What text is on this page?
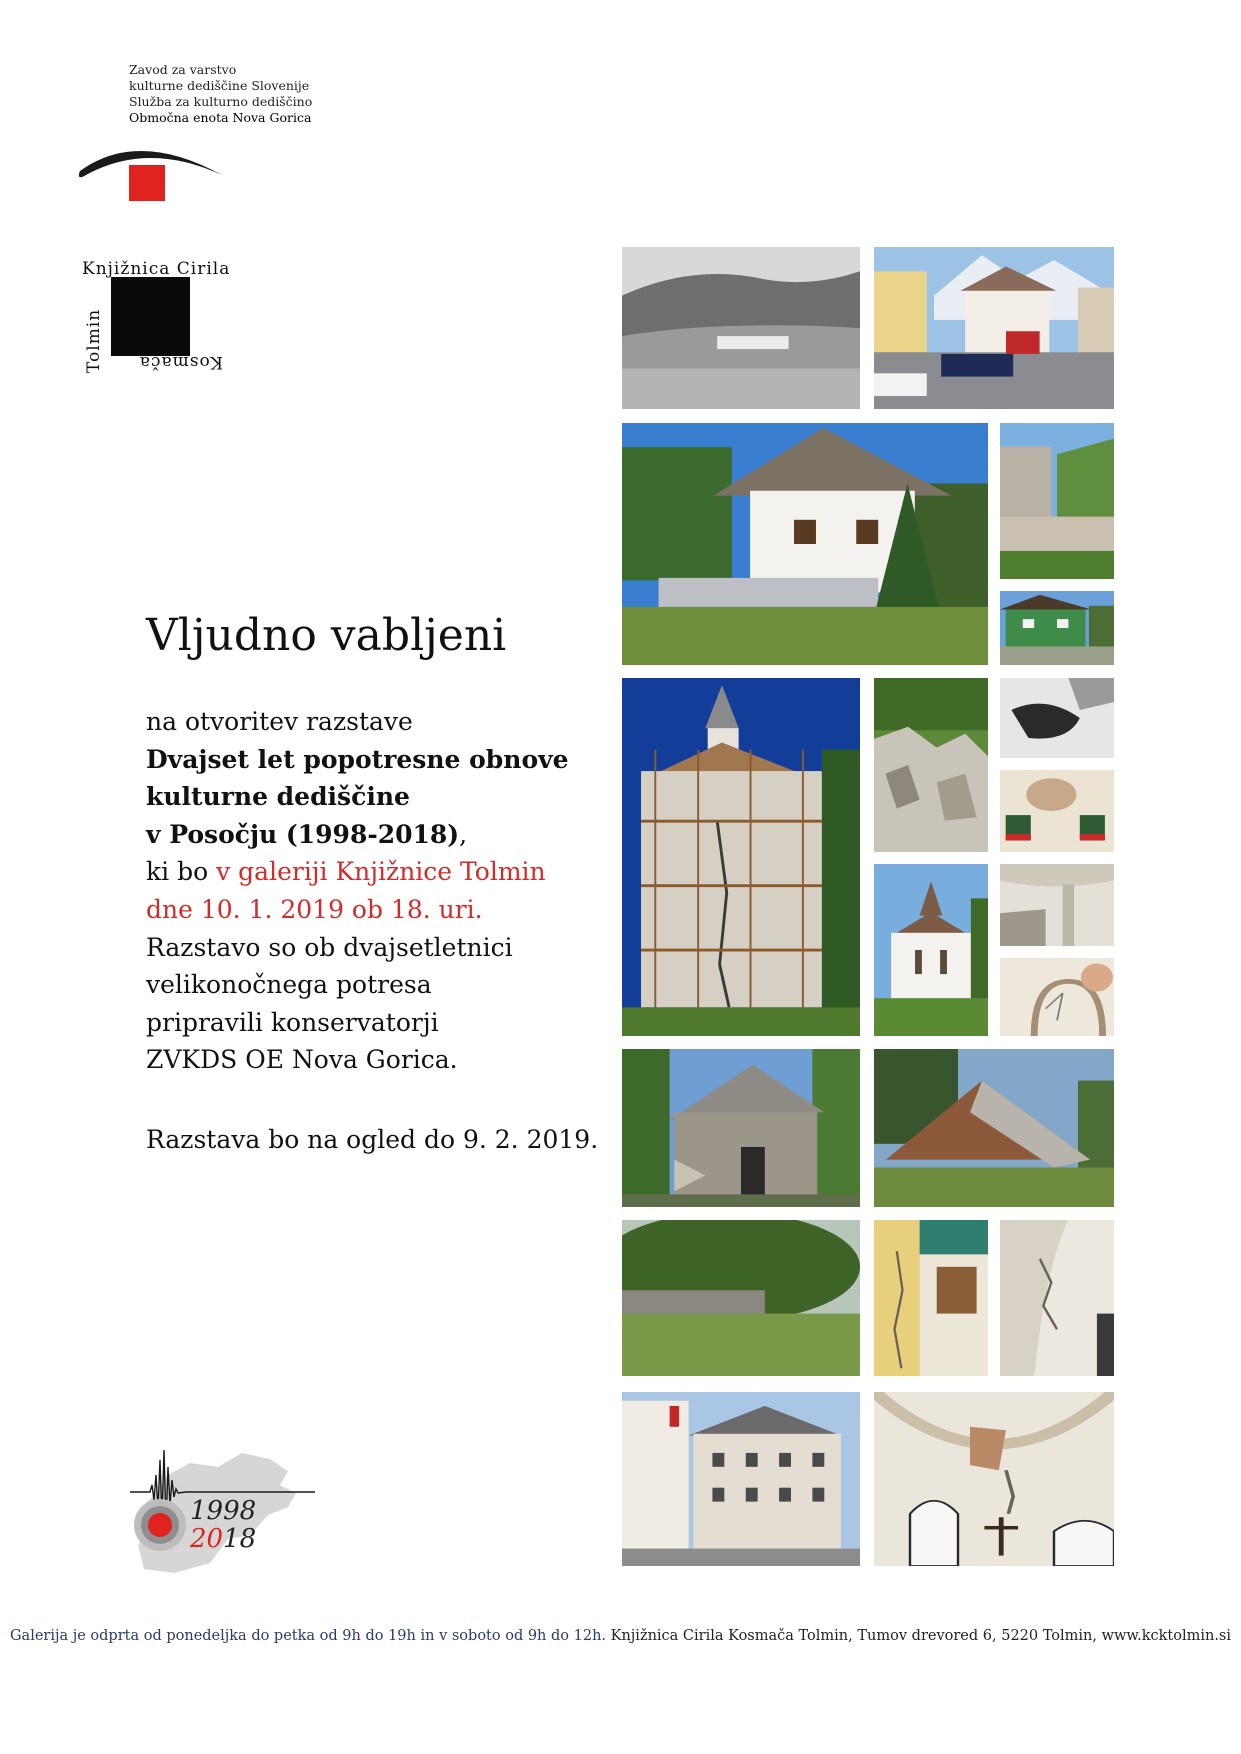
Zavod za varstvo
kulturne dediščine Slovenije
Služba za kulturno dediščino
Območna enota Nova Gorica
Knjižnica Cirila
Kosmača
Tolmin
Vljudno vabljeni
na otvoritev razstave
Dvajset let popotresne obnove
kulturne dediščine
v Posočju (1998-2018),
ki bo v galeriji Knjižnice Tolmin
dne 10. 1. 2019 ob 18. uri.
Razstavo so ob dvajsetletnici
velikonočnega potresa
pripravili konservatorji
ZVKDS OE Nova Gorica.
Razstava bo na ogled do 9. 2. 2019.
1998
2018
Galerija je odprta od ponedeljka do petka od 9h do 19h in v soboto od 9h do 12h. Knjižnica Cirila Kosmača Tolmin, Tumov drevored 6, 5220 Tolmin, www.kcktolmin.si
